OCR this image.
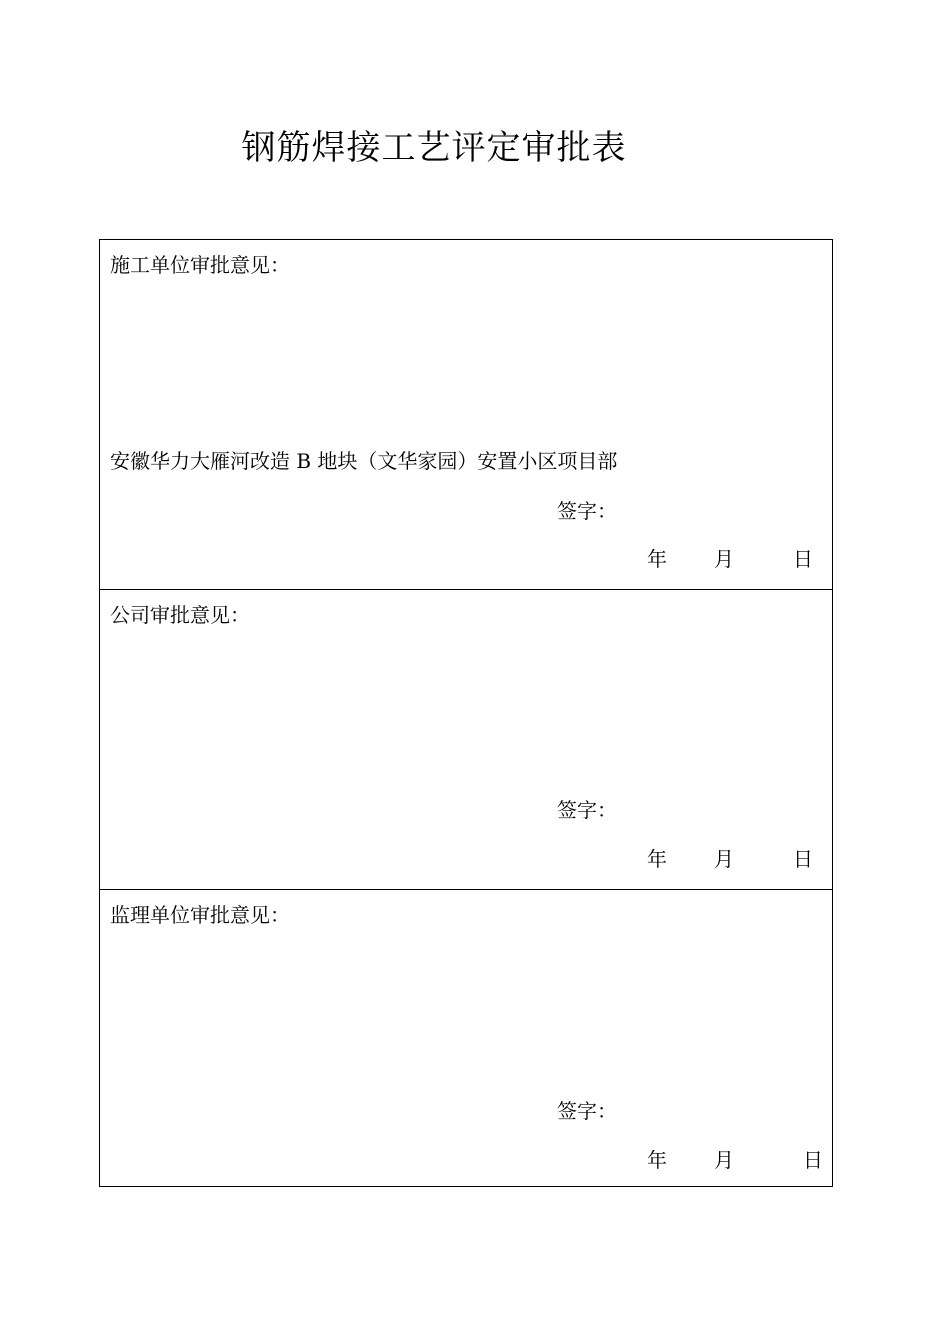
钢筋焊接工艺评定审批表
施工单位审批意见：
安徽华力大雁河改造 B 地块（文华家园）安置小区项目部
签字：
年 月	日
公司审批意见：
签字：
年 月	日
监理单位审批意见：
签字：
年 月	日
